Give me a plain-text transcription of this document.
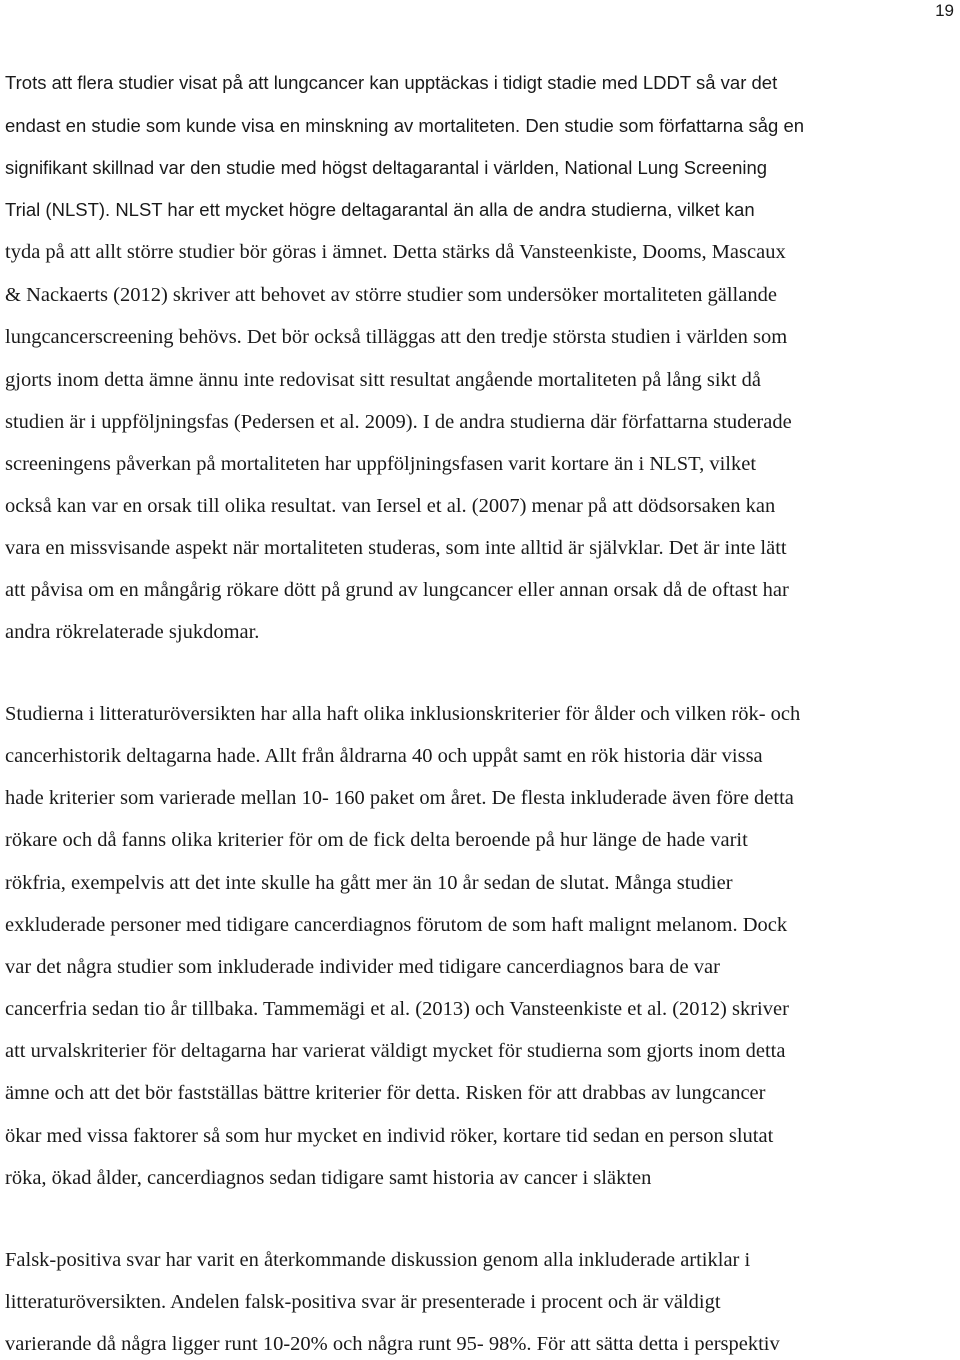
19
Trots att flera studier visat på att lungcancer kan upptäckas i tidigt stadie med LDDT så var det
endast en studie som kunde visa en minskning av mortaliteten. Den studie som författarna såg en
signifikant skillnad var den studie med högst deltagarantal i världen, National Lung Screening
Trial (NLST). NLST har ett mycket högre deltagarantal än alla de andra studierna, vilket kan
tyda på att allt större studier bör göras i ämnet. Detta stärks då Vansteenkiste, Dooms, Mascaux
& Nackaerts (2012) skriver att behovet av större studier som undersöker mortaliteten gällande
lungcancerscreening behövs. Det bör också tilläggas att den tredje största studien i världen som
gjorts inom detta ämne ännu inte redovisat sitt resultat angående mortaliteten på lång sikt då
studien är i uppföljningsfas (Pedersen et al. 2009). I de andra studierna där författarna studerade
screeningens påverkan på mortaliteten har uppföljningsfasen varit kortare än i NLST, vilket
också kan var en orsak till olika resultat. van Iersel et al. (2007) menar på att dödsorsaken kan
vara en missvisande aspekt när mortaliteten studeras, som inte alltid är självklar. Det är inte lätt
att påvisa om en mångårig rökare dött på grund av lungcancer eller annan orsak då de oftast har
andra rökrelaterade sjukdomar.
Studierna i litteraturöversikten har alla haft olika inklusionskriterier för ålder och vilken rök- och
cancerhistorik deltagarna hade. Allt från åldrarna 40 och uppåt samt en rök historia där vissa
hade kriterier som varierade mellan 10- 160 paket om året. De flesta inkluderade även före detta
rökare och då fanns olika kriterier för om de fick delta beroende på hur länge de hade varit
rökfria, exempelvis att det inte skulle ha gått mer än 10 år sedan de slutat. Många studier
exkluderade personer med tidigare cancerdiagnos förutom de som haft malignt melanom. Dock
var det några studier som inkluderade individer med tidigare cancerdiagnos bara de var
cancerfria sedan tio år tillbaka. Tammemägi et al. (2013) och Vansteenkiste et al. (2012) skriver
att urvalskriterier för deltagarna har varierat väldigt mycket för studierna som gjorts inom detta
ämne och att det bör fastställas bättre kriterier för detta. Risken för att drabbas av lungcancer
ökar med vissa faktorer så som hur mycket en individ röker, kortare tid sedan en person slutat
röka, ökad ålder, cancerdiagnos sedan tidigare samt historia av cancer i släkten
Falsk-positiva svar har varit en återkommande diskussion genom alla inkluderade artiklar i
litteraturöversikten. Andelen falsk-positiva svar är presenterade i procent och är väldigt
varierande då några ligger runt 10-20% och några runt 95- 98%. För att sätta detta i perspektiv
